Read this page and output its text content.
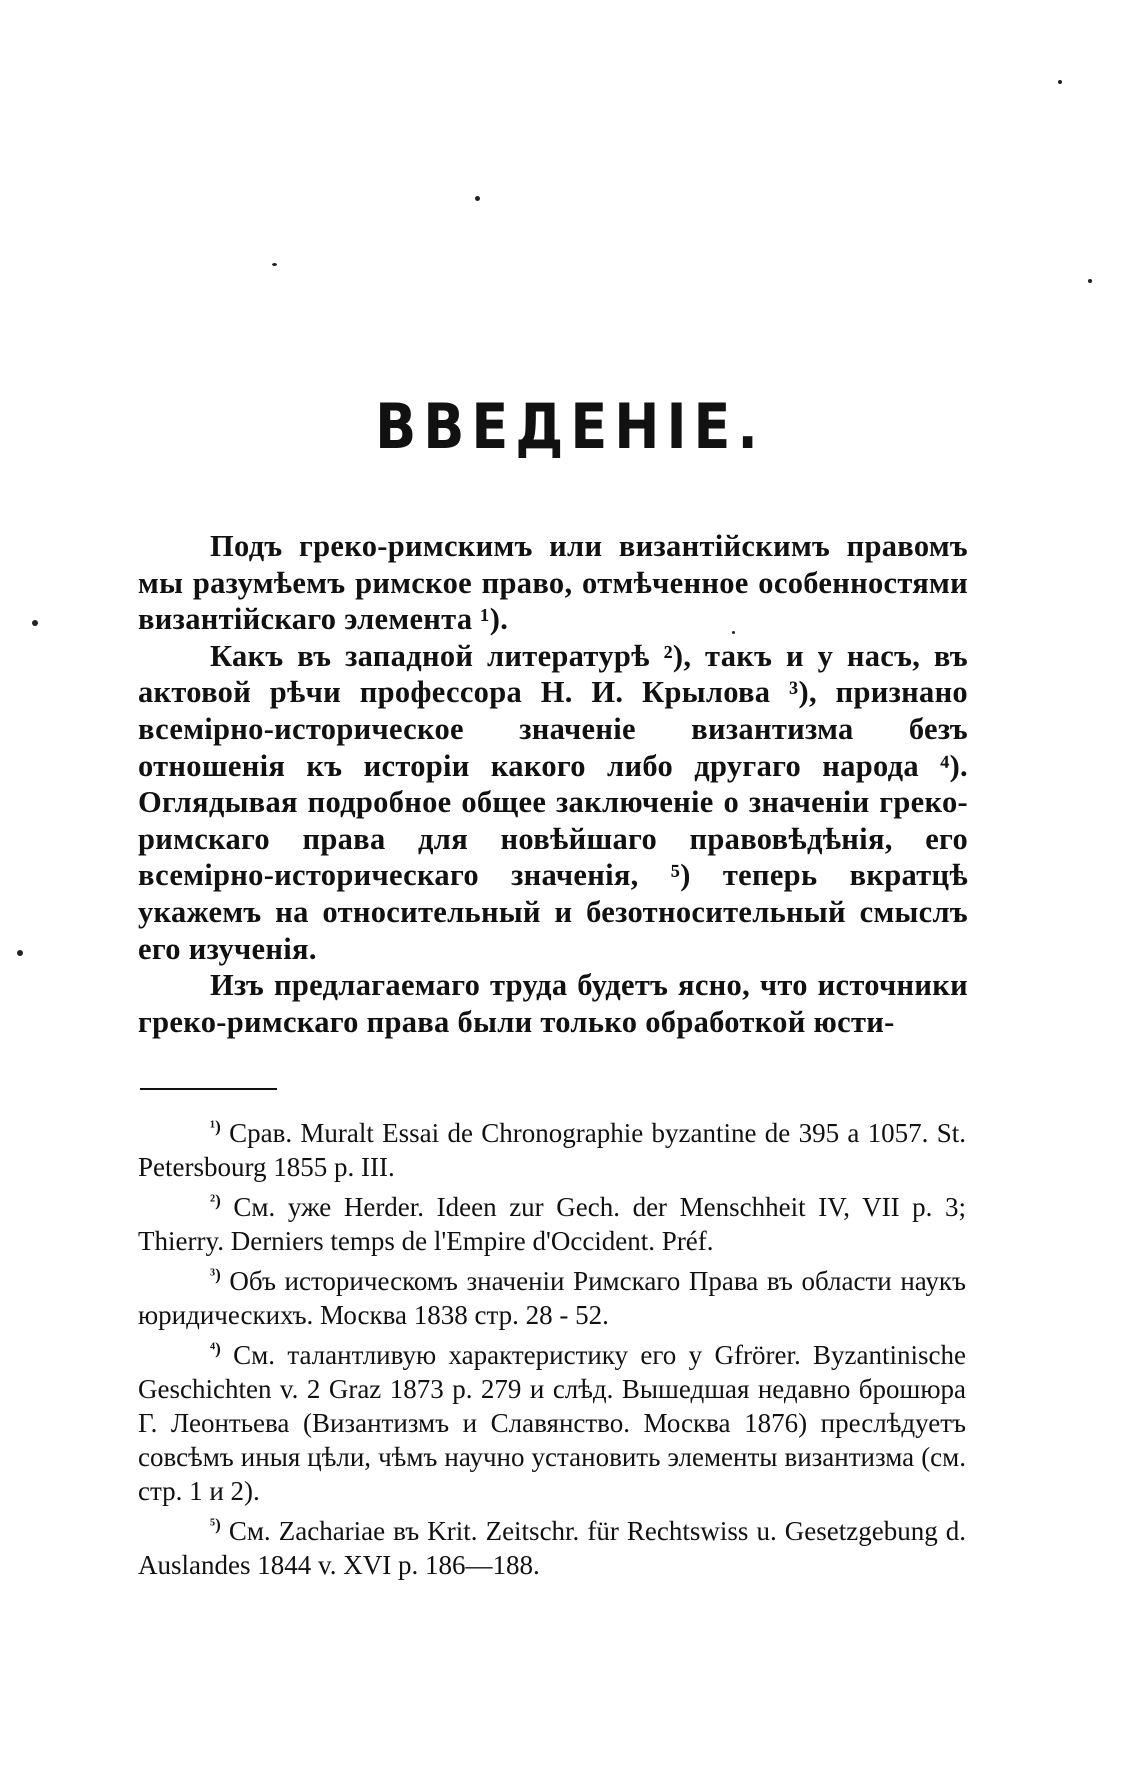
ВВЕДЕНІЕ.

Подъ греко-римскимъ или византійскимъ правомъ мы разумѣемъ римское право, отмѣченное особенностями византійскаго элемента ¹).

Какъ въ западной литературѣ ²), такъ и у насъ, въ актовой рѣчи профессора Н. И. Крылова ³), признано всемірно-историческое значеніе византизма безъ отношенія къ исторіи какого либо другаго народа ⁴). Оглядывая подробное общее заключеніе о значеніи греко-римскаго права для новѣйшаго правовѣдѣнія, его всемірно-историческаго значенія, ⁵) теперь вкратцѣ укажемъ на относительный и безотносительный смыслъ его изученія.

Изъ предлагаемаго труда будетъ ясно, что источники греко-римскаго права были только обработкой юсти-

$^{^1)}$ Срав. Muralt Essai de Chronographie byzantine de 395 a 1057. St. Petersbourg 1855 p. III.

$^{^2)}$ См. уже Herder. Ideen zur Gech. der Menschheit IV, VII p. 3; Thierry. Derniers temps de l'Empire d'Occident. Préf.

$^{^3)}$ Объ историческомъ значеніи Римскаго Права въ области наукъ юридическихъ. Москва 1838 стр. 28 - 52.

$^{^4)}$ См. талантливую характеристику его у Gfrörer. Byzantinische Geschichten v. 2 Graz 1873 p. 279 и слѣд. Вышедшая недавно брошюра Г. Леонтьева (Византизмъ и Славянство. Москва 1876) преслѣдуетъ совсѣмъ иныя цѣли, чѣмъ научно установить элементы византизма (см. стр. 1 и 2).

$^{^5)}$ См. Zachariae въ Krit. Zeitschr. für Rechtswiss u. Gesetzgebung d. Auslandes 1844 v. XVI p. 186—188.
